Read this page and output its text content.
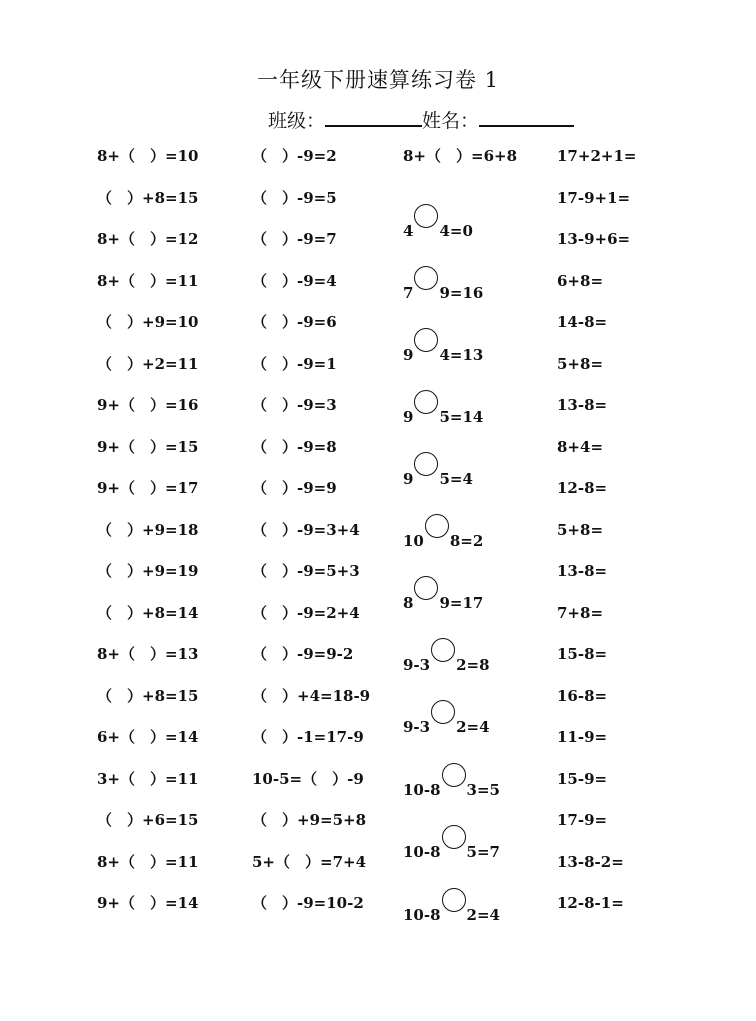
一年级下册速算练习卷 1
班级：	姓名：
8+（　）=10
（　）+8=15
8+（　）=12
8+（　）=11
（　）+9=10
（　）+2=11
9+（　）=16
9+（　）=15
9+（　）=17
（　）+9=18
（　）+9=19
（　）+8=14
8+（　）=13
（　）+8=15
6+（　）=14
3+（　）=11
（　）+6=15
8+（　）=11
9+（　）=14
（　）-9=2
（　）-9=5
（　）-9=7
（　）-9=4
（　）-9=6
（　）-9=1
（　）-9=3
（　）-9=8
（　）-9=9
（　）-9=3+4
（　）-9=5+3
（　）-9=2+4
（　）-9=9-2
（　）+4=18-9
（　）-1=17-9
10-5=（　）-9
（　）+9=5+8
5+（　）=7+4
（　）-9=10-2
8+（　）=6+8
4 4=0
7 9=16
9 4=13
9 5=14
9 5=4
10 8=2
8 9=17
9-3 2=8
9-3 2=4
10-8 3=5
10-8 5=7
10-8 2=4
17+2+1=
17-9+1=
13-9+6=
6+8=
14-8=
5+8=
13-8=
8+4=
12-8=
5+8=
13-8=
7+8=
15-8=
16-8=
11-9=
15-9=
17-9=
13-8-2=
12-8-1=
